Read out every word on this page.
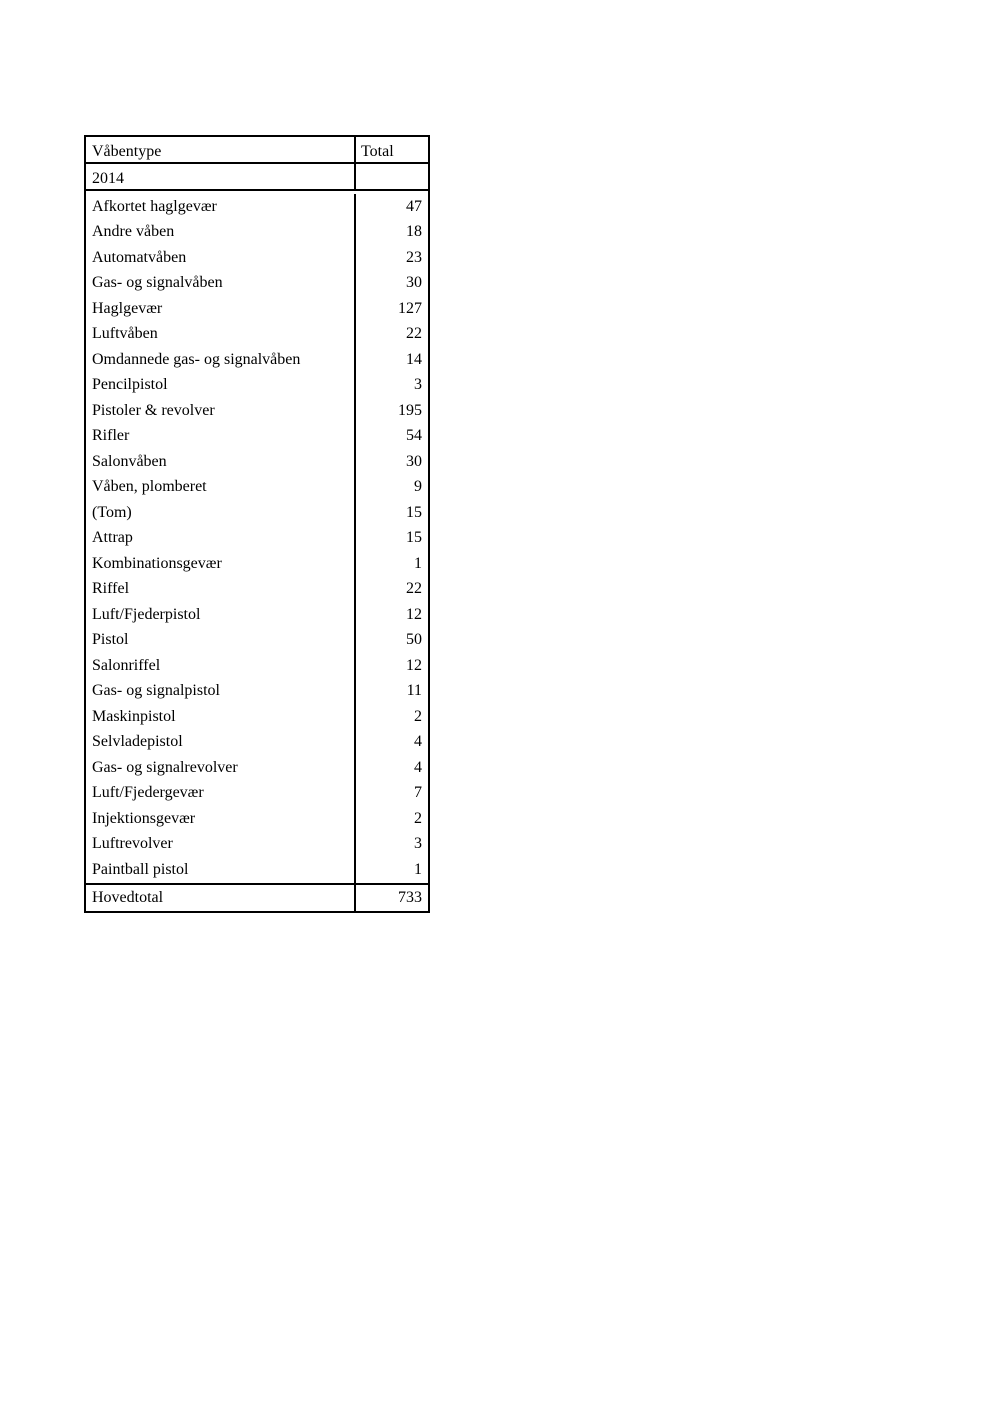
Våbentype	Total
2014
Afkortet haglgevær	47
Andre våben	18
Automatvåben	23
Gas- og signalvåben	30
Haglgevær	127
Luftvåben	22
Omdannede gas- og signalvåben	14
Pencilpistol	3
Pistoler & revolver	195
Rifler	54
Salonvåben	30
Våben, plomberet	9
(Tom)	15
Attrap	15
Kombinationsgevær	1
Riffel	22
Luft/Fjederpistol	12
Pistol	50
Salonriffel	12
Gas- og signalpistol	11
Maskinpistol	2
Selvladepistol	4
Gas- og signalrevolver	4
Luft/Fjedergevær	7
Injektionsgevær	2
Luftrevolver	3
Paintball pistol	1
Hovedtotal	733
